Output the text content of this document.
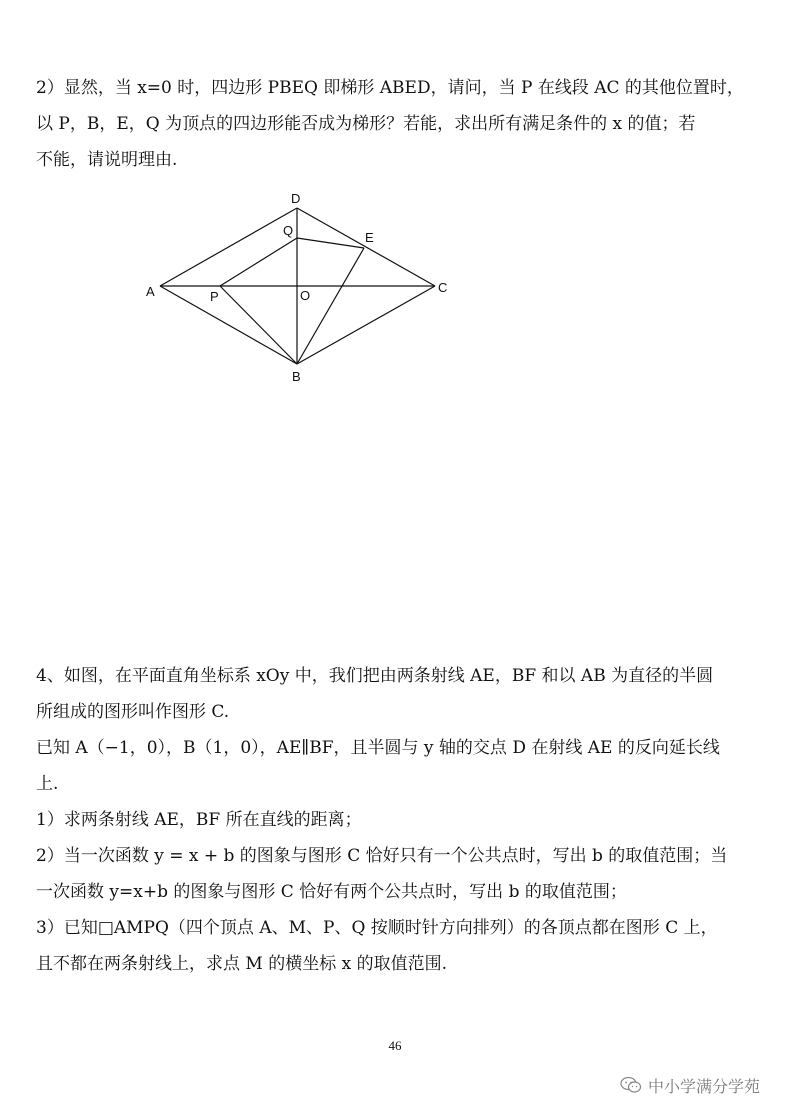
2）显然，当 x=0 时，四边形 PBEQ 即梯形 ABED，请问，当 P 在线段 AC 的其他位置时，
以 P，B，E，Q 为顶点的四边形能否成为梯形？若能，求出所有满足条件的 x 的值；若
不能，请说明理由.
D
Q	E
A	P	O
C
B
4、如图，在平面直角坐标系 xOy 中，我们把由两条射线 AE，BF 和以 AB 为直径的半圆
所组成的图形叫作图形 C.
已知 A（−1，0），B（1，0），AE∥BF，且半圆与 y 轴的交点 D 在射线 AE 的反向延长线
上.
1）求两条射线 AE，BF 所在直线的距离；
2）当一次函数 y = x + b 的图象与图形 C 恰好只有一个公共点时，写出 b 的取值范围；当
一次函数 y=x+b 的图象与图形 C 恰好有两个公共点时，写出 b 的取值范围；
3）已知□AMPQ（四个顶点 A、M、P、Q 按顺时针方向排列）的各顶点都在图形 C 上，
且不都在两条射线上，求点 M 的横坐标 x 的取值范围.
46
中小学满分学苑
